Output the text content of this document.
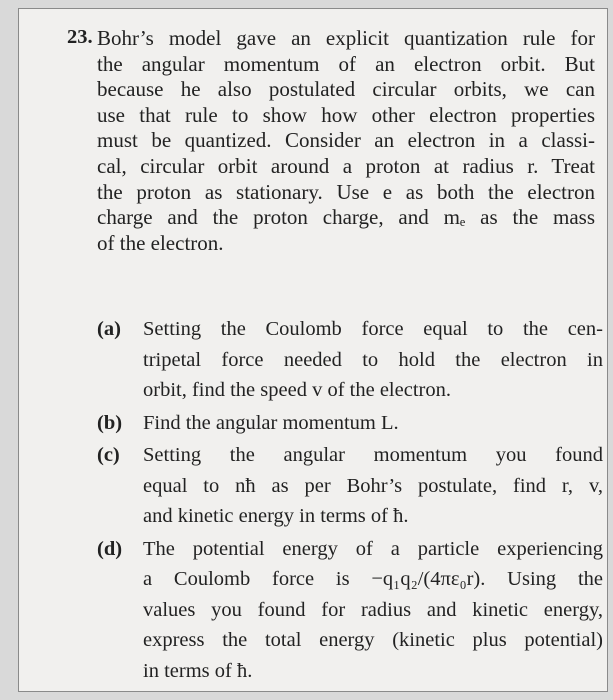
23. Bohr’s model gave an explicit quantization rule for
the angular momentum of an electron orbit. But
because he also postulated circular orbits, we can
use that rule to show how other electron properties
must be quantized. Consider an electron in a classi-
cal, circular orbit around a proton at radius r. Treat
the proton as stationary. Use e as both the electron
charge and the proton charge, and mₑ as the mass
of the electron.
(a)	Setting the Coulomb force equal to the cen-
tripetal force needed to hold the electron in
orbit, find the speed v of the electron.
(b)	Find the angular momentum L.
(c)	Setting the angular momentum you found
equal to nħ as per Bohr’s postulate, find r, v,
and kinetic energy in terms of ħ.
(d)	The potential energy of a particle experiencing
a Coulomb force is −q₁q₂/(4πε₀r). Using the
values you found for radius and kinetic energy,
express the total energy (kinetic plus potential)
in terms of ħ.
